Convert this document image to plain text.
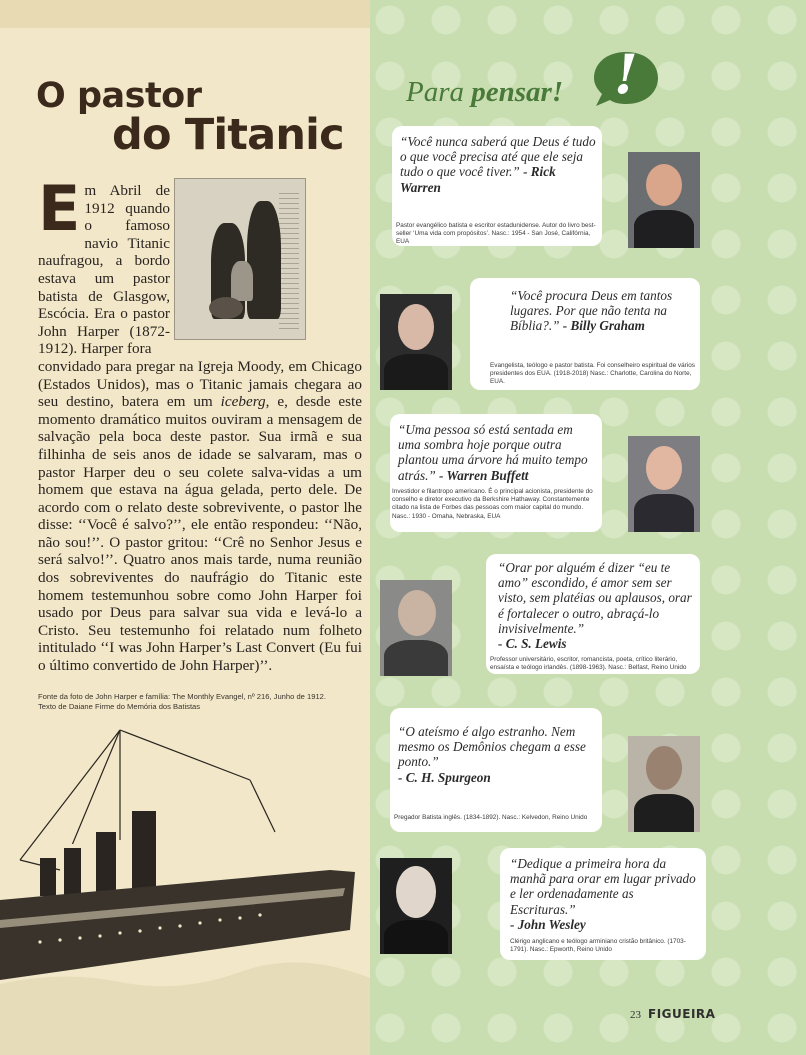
O pastor
do Titanic
E m Abril de 1912 quando o famoso navio Titanic naufragou, a bordo estava um pastor batista de Glasgow, Escócia. Era o pastor John Harper (1872-1912). Harper fora
convidado para pregar na Igreja Moody, em Chicago (Estados Unidos), mas o Titanic jamais chegara ao seu destino, batera em um iceberg, e, desde este momento dramático muitos ouviram a mensagem de salvação pela boca deste pastor. Sua irmã e sua filhinha de seis anos de idade se salvaram, mas o pastor Harper deu o seu colete salva-vidas a um homem que estava na água gelada, perto dele. De acordo com o relato deste sobrevivente, o pastor lhe disse: ‘‘Você é salvo?’’, ele então respondeu: ‘‘Não, não sou!’’. O pastor gritou: ‘‘Crê no Senhor Jesus e será salvo!’’. Quatro anos mais tarde, numa reunião dos sobreviventes do naufrágio do Titanic este homem testemunhou sobre como John Harper foi usado por Deus para salvar sua vida e levá-lo a Cristo. Seu testemunho foi relatado num folheto intitulado ‘‘I was John Harper’s Last Convert (Eu fui o último convertido de John Harper)’’.
Fonte da foto de John Harper e família: The Monthly Evangel, nº 216, Junho de 1912.
Texto de Daiane Firme do Memória dos Batistas
Para pensar! !
“Você nunca saberá que Deus é tudo o que você precisa até que ele seja tudo o que você tiver.” - Rick Warren
Pastor evangélico batista e escritor estadunidense. Autor do livro best-seller ‘Uma vida com propósitos’. Nasc.: 1954 - San José, Califórnia, EUA
“Você procura Deus em tantos lugares. Por que não tenta na Bíblia?.” - Billy Graham
Evangelista, teólogo e pastor batista. Foi conselheiro espiritual de vários presidentes dos EUA. (1918-2018) Nasc.: Charlotte, Carolina do Norte, EUA.
“Uma pessoa só está sentada em uma sombra hoje porque outra plantou uma árvore há muito tempo atrás.” - Warren Buffett
Investidor e filantropo americano. É o principal acionista, presidente do conselho e diretor executivo da Berkshire Hathaway. Constantemente citado na lista de Forbes das pessoas com maior capital do mundo. Nasc.: 1930 - Omaha, Nebraska, EUA
“Orar por alguém é dizer “eu te amo” escondido, é amor sem ser visto, sem platéias ou aplausos, orar é fortalecer o outro, abraçá-lo invisivelmente.”
- C. S. Lewis
Professor universitário, escritor, romancista, poeta, crítico literário, ensaísta e teólogo irlandês. (1898-1963). Nasc.: Belfast, Reino Unido
“O ateísmo é algo estranho. Nem mesmo os Demônios chegam a esse ponto.”
- C. H. Spurgeon
Pregador Batista inglês. (1834-1892). Nasc.: Kelvedon, Reino Unido
“Dedique a primeira hora da manhã para orar em lugar privado e ler ordenadamente as Escrituras.”
- John Wesley
Clérigo anglicano e teólogo arminiano cristão britânico. (1703-1791). Nasc.: Epworth, Reino Unido
23 FIGUEIRA
